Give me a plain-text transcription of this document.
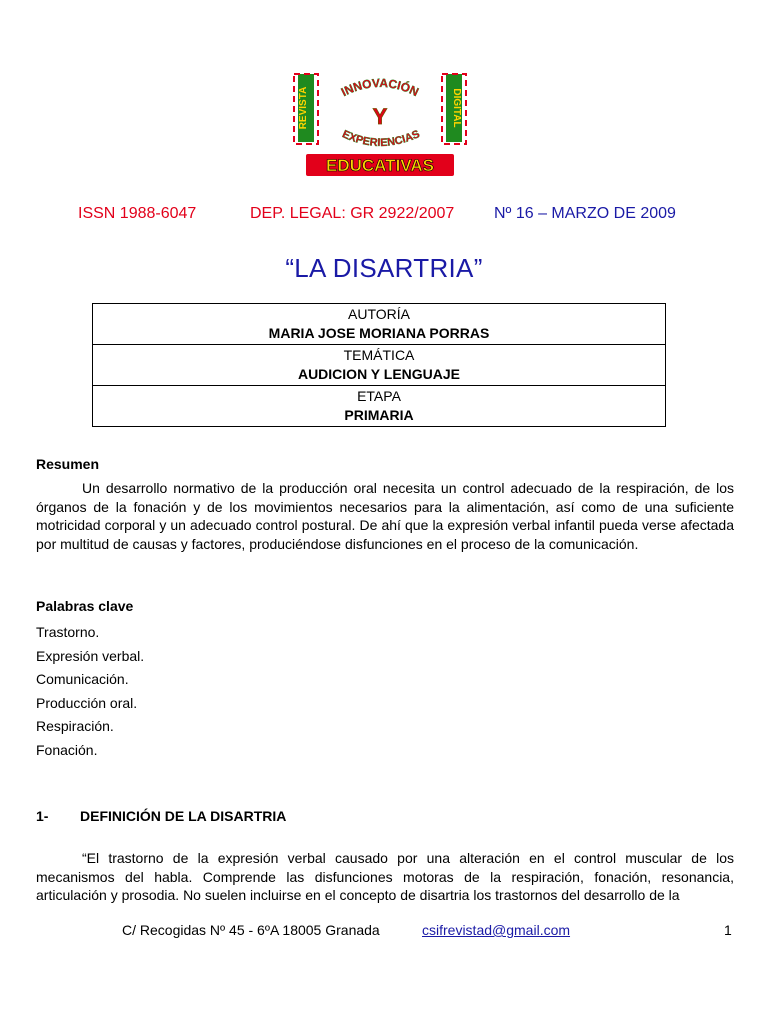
REVISTA	DIGITAL
INNOVACIÓN
Y
EXPERIENCIAS
EDUCATIVAS
ISSN 1988-6047	DEP. LEGAL: GR 2922/2007 Nº 16 – MARZO DE 2009
“LA DISARTRIA”
AUTORÍA
MARIA JOSE MORIANA PORRAS

TEMÁTICA
AUDICION Y LENGUAJE

ETAPA
PRIMARIA
Resumen

Un desarrollo normativo de la producción oral necesita un control adecuado de la respiración, de los órganos de la fonación y de los movimientos necesarios para la alimentación, así como de una suficiente motricidad corporal y un adecuado control postural. De ahí que la expresión verbal infantil pueda verse afectada por multitud de causas y factores, produciéndose disfunciones en el proceso de la comunicación.

Palabras clave
Trastorno.
Expresión verbal.
Comunicación.
Producción oral.
Respiración.
Fonación.
1- DEFINICIÓN DE LA DISARTRIA

“El trastorno de la expresión verbal causado por una alteración en el control muscular de los mecanismos del habla. Comprende las disfunciones motoras de la respiración, fonación, resonancia, articulación y prosodia. No suelen incluirse en el concepto de disartria los trastornos del desarrollo de la

C/ Recogidas Nº 45 - 6ºA 18005 Granada	csifrevistad@gmail.com	1
